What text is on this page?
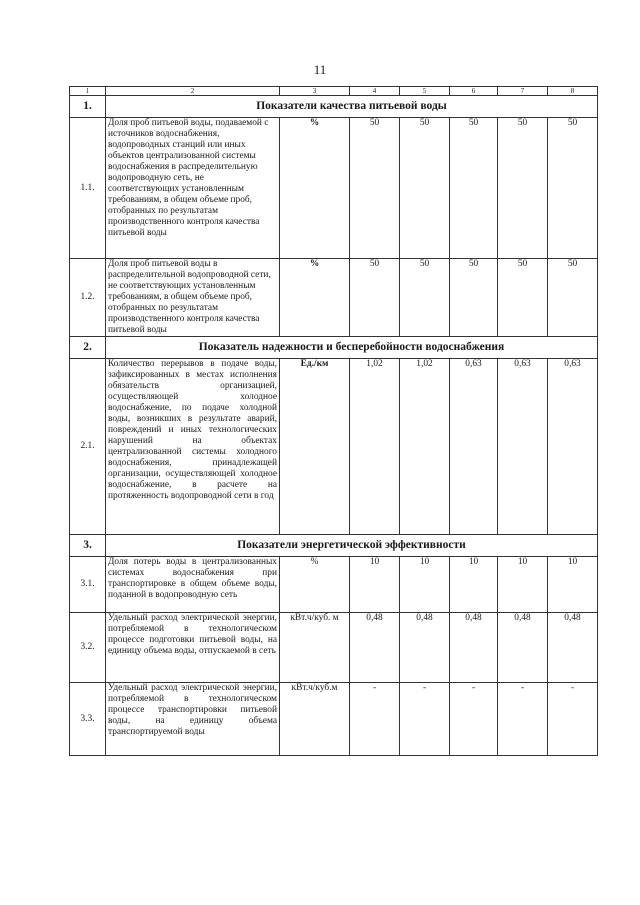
11
1	2	3	4	5	6	7	8
1.	Показатели качества питьевой воды						
1.1.	Доля проб питьевой воды, подаваемой с источников водоснабжения, водопроводных станций или иных объектов централизованной системы водоснабжения в распределительную водопроводную сеть, не соответствующих установленным требованиям, в общем объеме проб, отобранных по результатам производственного контроля качества питьевой воды	%	50	50	50	50	50
1.2.	Доля проб питьевой воды в распределительной водопроводной сети, не соответствующих установленным требованиям, в общем объеме проб, отобранных по результатам производственного контроля качества питьевой воды	%	50	50	50	50	50
2.	Показатель надежности и бесперебойности водоснабжения						
2.1.	Количество перерывов в подаче воды, зафиксированных в местах исполнения обязательств организацией, осуществляющей холодное водоснабжение, по подаче холодной воды, возникших в результате аварий, повреждений и иных технологических нарушений на объектах централизованной системы холодного водоснабжения, принадлежащей организации, осуществляющей холодное водоснабжение, в расчете на протяженность водопроводной сети в год	Ед./км	1,02	1,02	0,63	0,63	0,63
3.	Показатели энергетической эффективности						
3.1.	Доля потерь воды в централизованных системах водоснабжения при транспортировке в общем объеме воды, поданной в водопроводную сеть	%	10	10	10	10	10
3.2.	Удельный расход электрической энергии, потребляемой в технологическом процессе подготовки питьевой воды, на единицу объема воды, отпускаемой в сеть	кВт.ч/куб. м	0,48	0,48	0,48	0,48	0,48
3.3.	Удельный расход электрической энергии, потребляемой в технологическом процессе транспортировки питьевой воды, на единицу объема транспортируемой воды	кВт.ч/куб.м	-	-	-	-	-
